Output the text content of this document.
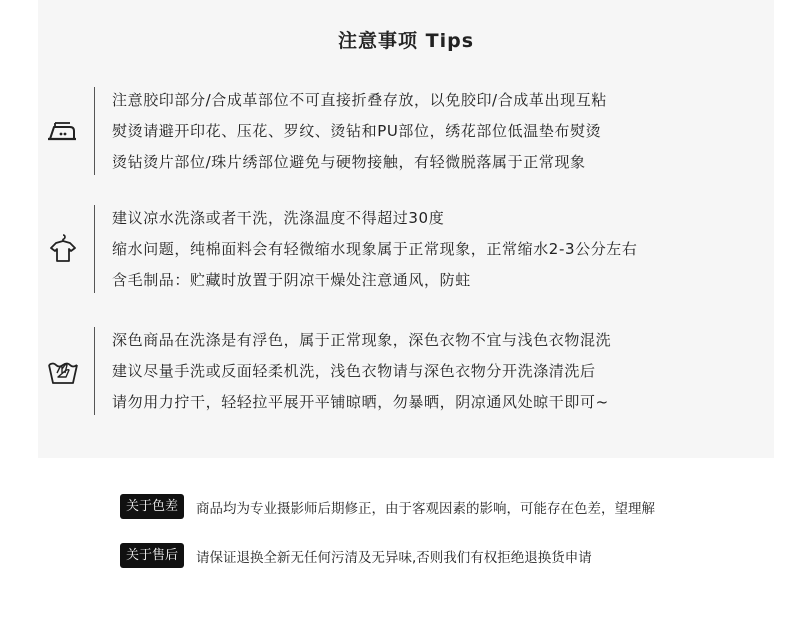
注意事项 Tips
注意胶印部分/合成革部位不可直接折叠存放，以免胶印/合成革出现互粘
熨烫请避开印花、压花、罗纹、烫钻和PU部位，绣花部位低温垫布熨烫
烫钻烫片部位/珠片绣部位避免与硬物接触，有轻微脱落属于正常现象
建议凉水洗涤或者干洗，洗涤温度不得超过30度
缩水问题，纯棉面料会有轻微缩水现象属于正常现象，正常缩水2-3公分左右
含毛制品：贮藏时放置于阴凉干燥处注意通风，防蛀
深色商品在洗涤是有浮色，属于正常现象，深色衣物不宜与浅色衣物混洗
建议尽量手洗或反面轻柔机洗，浅色衣物请与深色衣物分开洗涤清洗后
请勿用力拧干，轻轻拉平展开平铺晾晒，勿暴晒，阴凉通风处晾干即可~
关于色差	商品均为专业摄影师后期修正，由于客观因素的影响，可能存在色差，望理解
关于售后	请保证退换全新无任何污清及无异味,否则我们有权拒绝退换货申请
